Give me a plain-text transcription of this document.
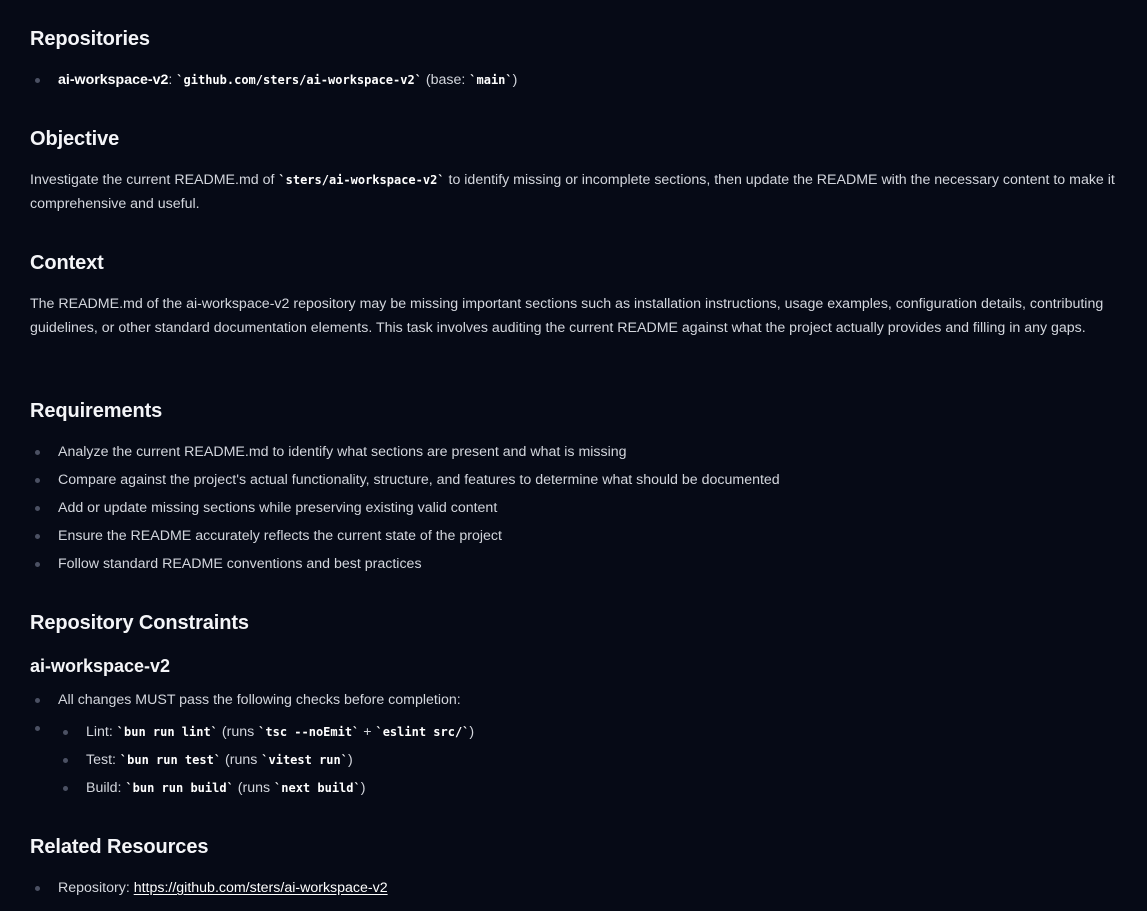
Repositories
ai-workspace-v2: `github.com/sters/ai-workspace-v2` (base: `main`)
Objective

Investigate the current README.md of `sters/ai-workspace-v2` to identify missing or incomplete sections, then update the README with the necessary content to make it comprehensive and useful.

Context

The README.md of the ai-workspace-v2 repository may be missing important sections such as installation instructions, usage examples, configuration details, contributing guidelines, or other standard documentation elements. This task involves auditing the current README against what the project actually provides and filling in any gaps.

Requirements
Analyze the current README.md to identify what sections are present and what is missing
Compare against the project's actual functionality, structure, and features to determine what should be documented
Add or update missing sections while preserving existing valid content
Ensure the README accurately reflects the current state of the project
Follow standard README conventions and best practices
Repository Constraints
ai-workspace-v2
All changes MUST pass the following checks before completion:
Lint: `bun run lint` (runs `tsc --noEmit` + `eslint src/`)
Test: `bun run test` (runs `vitest run`)
Build: `bun run build` (runs `next build`)
Related Resources
Repository: https://github.com/sters/ai-workspace-v2
